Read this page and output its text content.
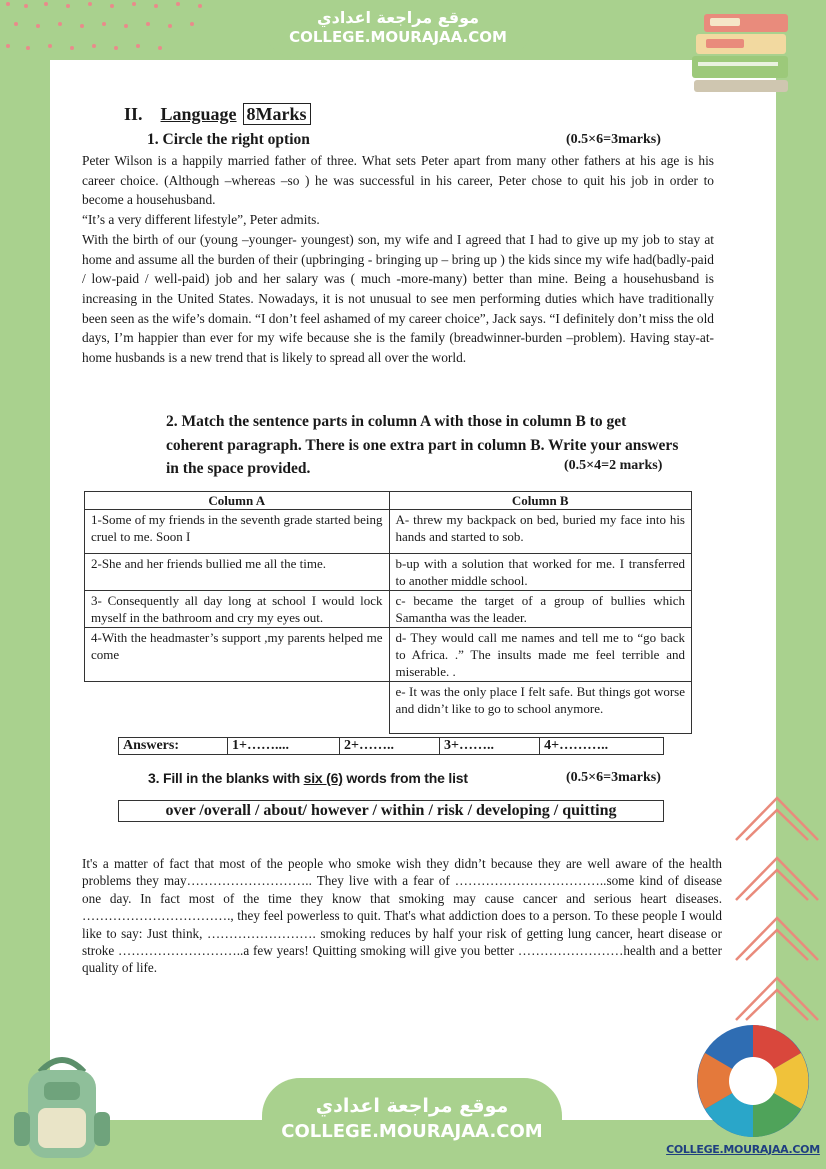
موقع مراجعة اعدادي
COLLEGE.MOURAJAA.COM
II. Language 8Marks
1. Circle the right option	(0.5×6=3marks)

Peter Wilson is a happily married father of three. What sets Peter apart from many other fathers at his age is his career choice. (Although –whereas –so ) he was successful in his career, Peter chose to quit his job in order to become a househusband.

“It’s a very different lifestyle”, Peter admits.

With the birth of our (young –younger- youngest) son, my wife and I agreed that I had to give up my job to stay at home and assume all the burden of their (upbringing - bringing up – bring up ) the kids since my wife had(badly-paid / low-paid / well-paid) job and her salary was ( much -more-many) better than mine. Being a househusband is increasing in the United States. Nowadays, it is not unusual to see men performing duties which have traditionally been seen as the wife’s domain. “I don’t feel ashamed of my career choice”, Jack says. “I definitely don’t miss the old days, I’m happier than ever for my wife because she is the family (breadwinner-burden –problem). Having stay-at- home husbands is a new trend that is likely to spread all over the world.

2. Match the sentence parts in column A with those in column B to get coherent paragraph. There is one extra part in column B. Write your answers in the space provided.	(0.5×4=2 marks)
Column A	Column B
1-Some of my friends in the seventh grade started being cruel to me. Soon I	A- threw my backpack on bed, buried my face into his hands and started to sob.
2-She and her friends bullied me all the time.	b-up with a solution that worked for me. I transferred to another middle school.
3- Consequently all day long at school I would lock myself in the bathroom and cry my eyes out.	c- became the target of a group of bullies which Samantha was the leader.
4-With the headmaster’s support ,my parents helped me come	d- They would call me names and tell me to “go back to Africa. .” The insults made me feel terrible and miserable. .
	e- It was the only place I felt safe. But things got worse and didn’t like to go to school anymore.
Answers:	1+……....	2+……..	3+……..	4+………..
3. Fill in the blanks with six (6) words from the list	(0.5×6=3marks)
over /overall / about/ however / within / risk / developing / quitting
It's a matter of fact that most of the people who smoke wish they didn’t because they are well aware of the health problems they may……………………….. They live with a fear of ……………………………..some kind of disease one day. In fact most of the time they know that smoking may cause cancer and serious heart diseases. ……………………………., they feel powerless to quit. That's what addiction does to a person. To these people I would like to say: Just think, ……………………. smoking reduces by half your risk of getting lung cancer, heart disease or stroke ………………………..a few years! Quitting smoking will give you better ……………………health and a better quality of life.
موقع مراجعة اعدادي
COLLEGE.MOURAJAA.COM
COLLEGE.MOURAJAA.COM
